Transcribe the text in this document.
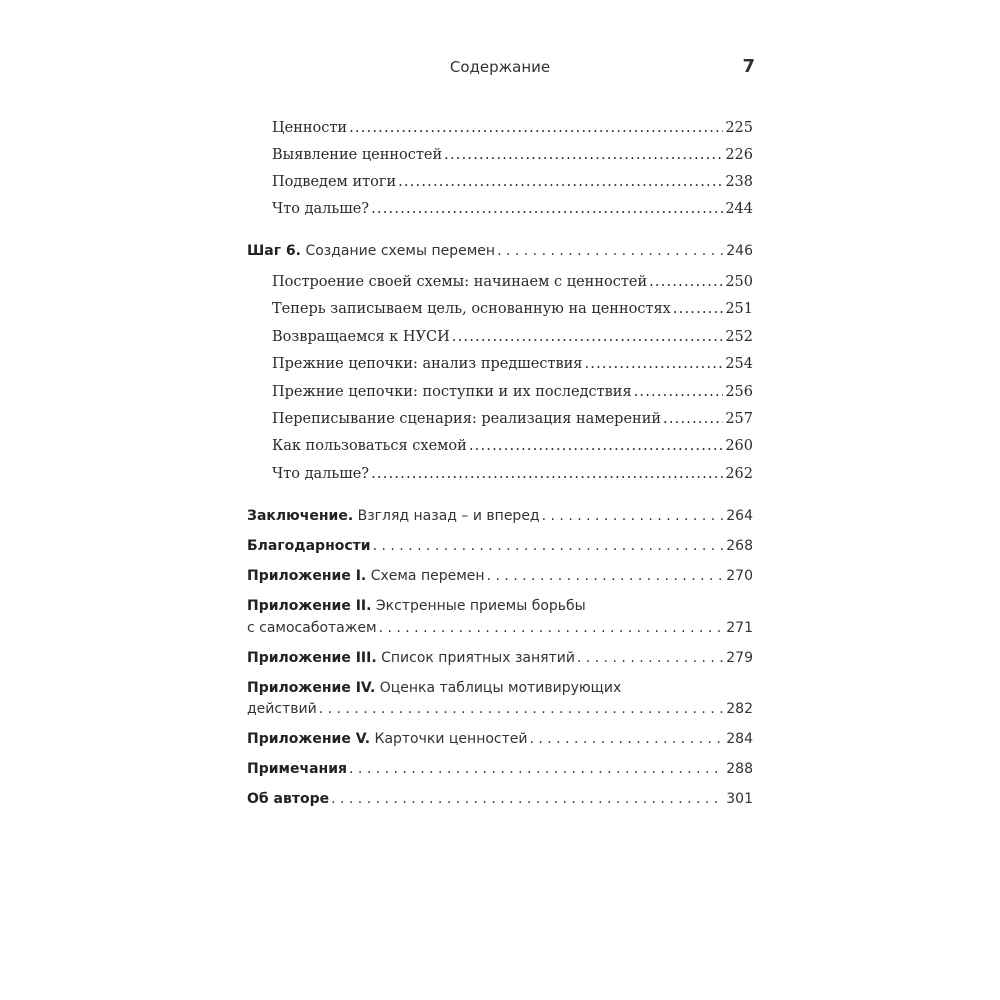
Содержание	7
Ценности .....	225
Выявление ценностей .....	226
Подведем итоги .....	238
Что дальше? .....	244
Шаг 6. Создание схемы перемен . . .	246
Построение своей схемы: начинаем с ценностей .....	250
Теперь записываем цель, основанную на ценностях .....	251
Возвращаемся к НУСИ .....	252
Прежние цепочки: анализ предшествия .....	254
Прежние цепочки: поступки и их последствия .....	256
Переписывание сценария: реализация намерений .....	257
Как пользоваться схемой .....	260
Что дальше? .....	262
Заключение. Взгляд назад – и вперед . . .	264
Благодарности . . .	268
Приложение I. Схема перемен . . .	270
Приложение II. Экстренные приемы борьбы
с самосаботажем . . .	271
Приложение III. Список приятных занятий . . .	279
Приложение IV. Оценка таблицы мотивирующих
действий . . .	282
Приложение V. Карточки ценностей . . .	284
Примечания . . .	288
Об авторе . . .	301
